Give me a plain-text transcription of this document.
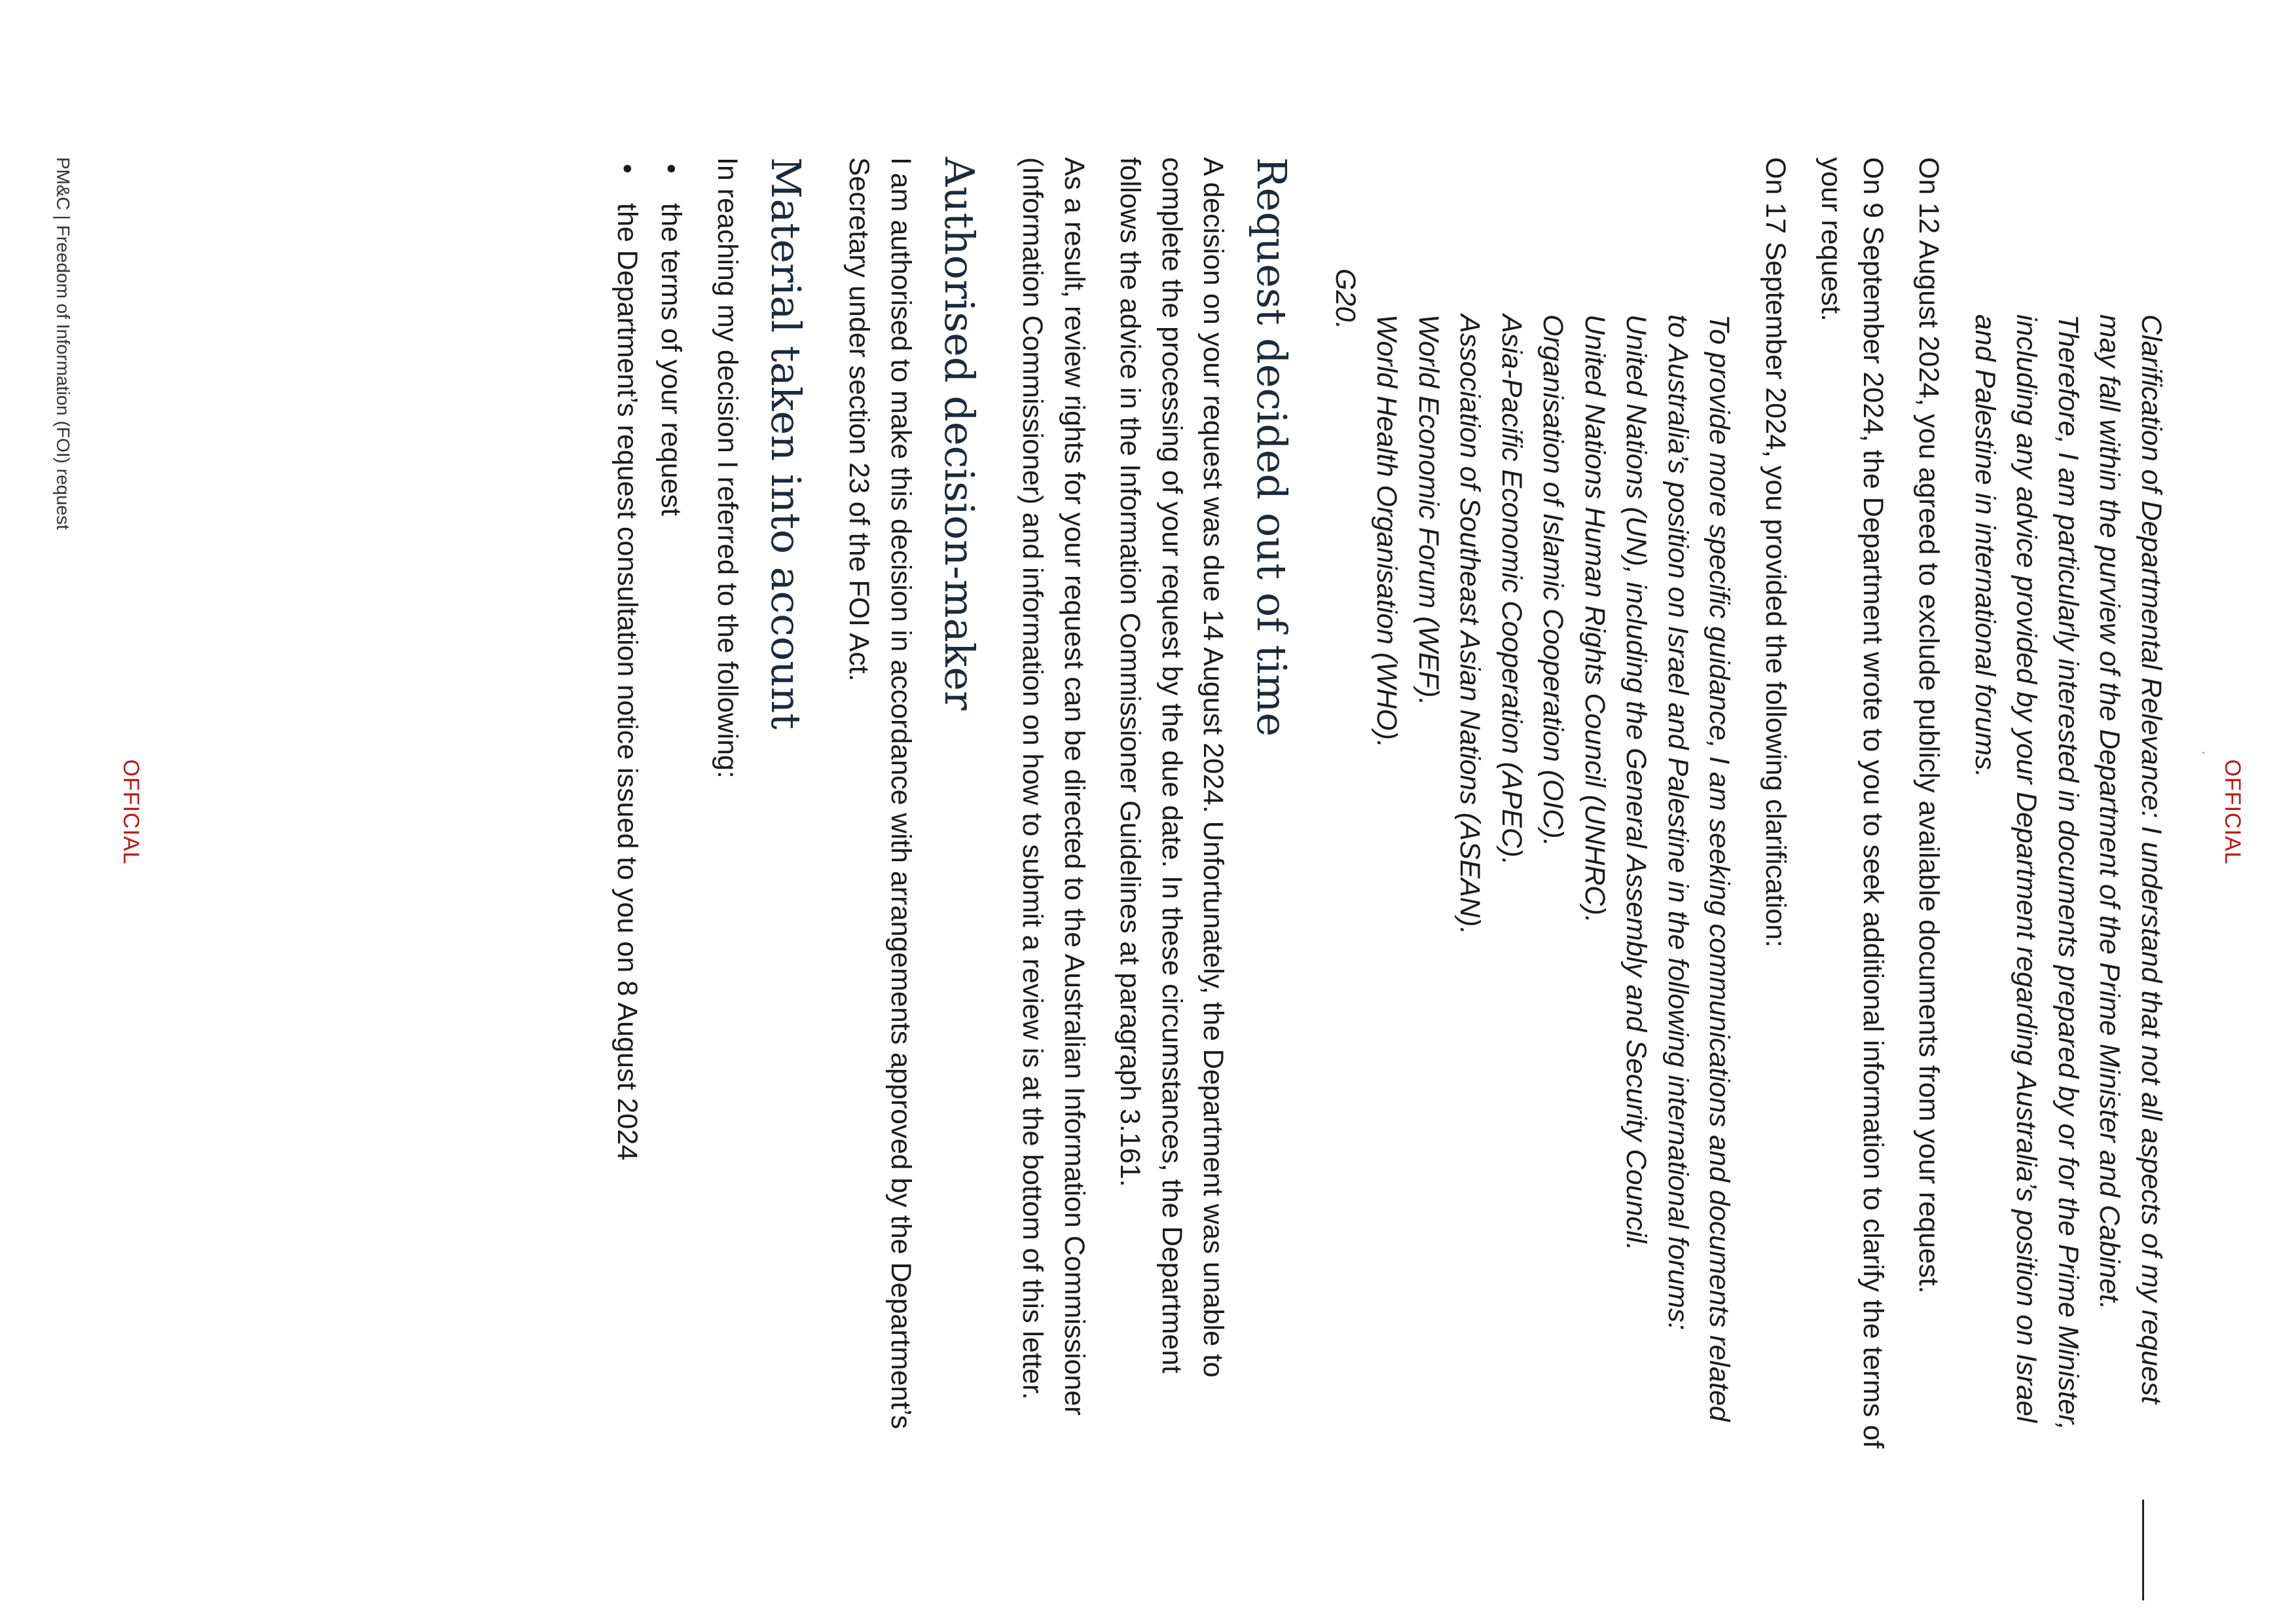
OFFICIAL

Clarification of Departmental Relevance: I understand that not all aspects of my request may fall within the purview of the Department of the Prime Minister and Cabinet. Therefore, I am particularly interested in documents prepared by or for the Prime Minister, including any advice provided by your Department regarding Australia’s position on Israel and Palestine in international forums.

On 12 August 2024, you agreed to exclude publicly available documents from your request.

On 9 September 2024, the Department wrote to you to seek additional information to clarify the terms of your request.

On 17 September 2024, you provided the following clarification:

To provide more specific guidance, I am seeking communications and documents related to Australia’s position on Israel and Palestine in the following international forums:
United Nations (UN), including the General Assembly and Security Council.
United Nations Human Rights Council (UNHRC).
Organisation of Islamic Cooperation (OIC).
Asia-Pacific Economic Cooperation (APEC).
Association of Southeast Asian Nations (ASEAN).
World Economic Forum (WEF).
World Health Organisation (WHO).
G20.
Request decided out of time

A decision on your request was due 14 August 2024. Unfortunately, the Department was unable to complete the processing of your request by the due date. In these circumstances, the Department follows the advice in the Information Commissioner Guidelines at paragraph 3.161.

As a result, review rights for your request can be directed to the Australian Information Commissioner (Information Commissioner) and information on how to submit a review is at the bottom of this letter.

Authorised decision-maker

I am authorised to make this decision in accordance with arrangements approved by the Department’s Secretary under section 23 of the FOI Act.

Material taken into account

In reaching my decision I referred to the following:

•
the terms of your request
•
the Department’s request consultation notice issued to you on 8 August 2024
OFFICIAL
PM&C | Freedom of Information (FOI) request
